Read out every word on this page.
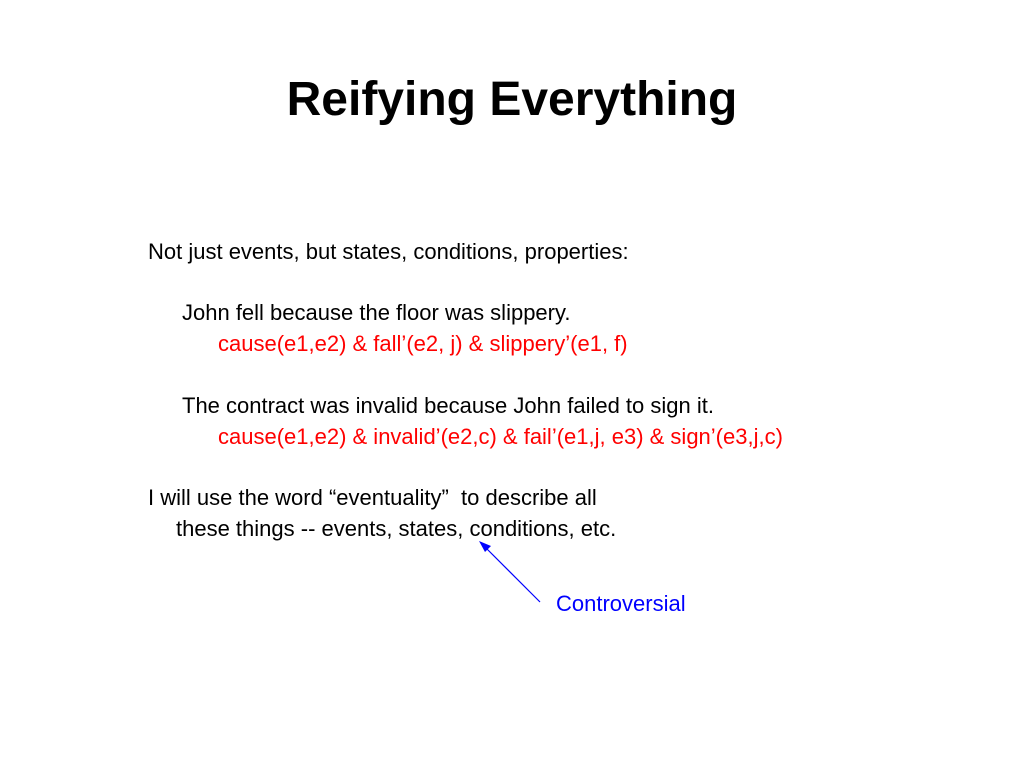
Reifying Everything

Not just events, but states, conditions, properties:

John fell because the floor was slippery.

cause(e1,e2) & fall’(e2, j) & slippery’(e1, f)

The contract was invalid because John failed to sign it.

cause(e1,e2) & invalid’(e2,c) & fail’(e1,j, e3) & sign’(e3,j,c)

I will use the word “eventuality”  to describe all

these things -- events, states, conditions, etc.

Controversial
